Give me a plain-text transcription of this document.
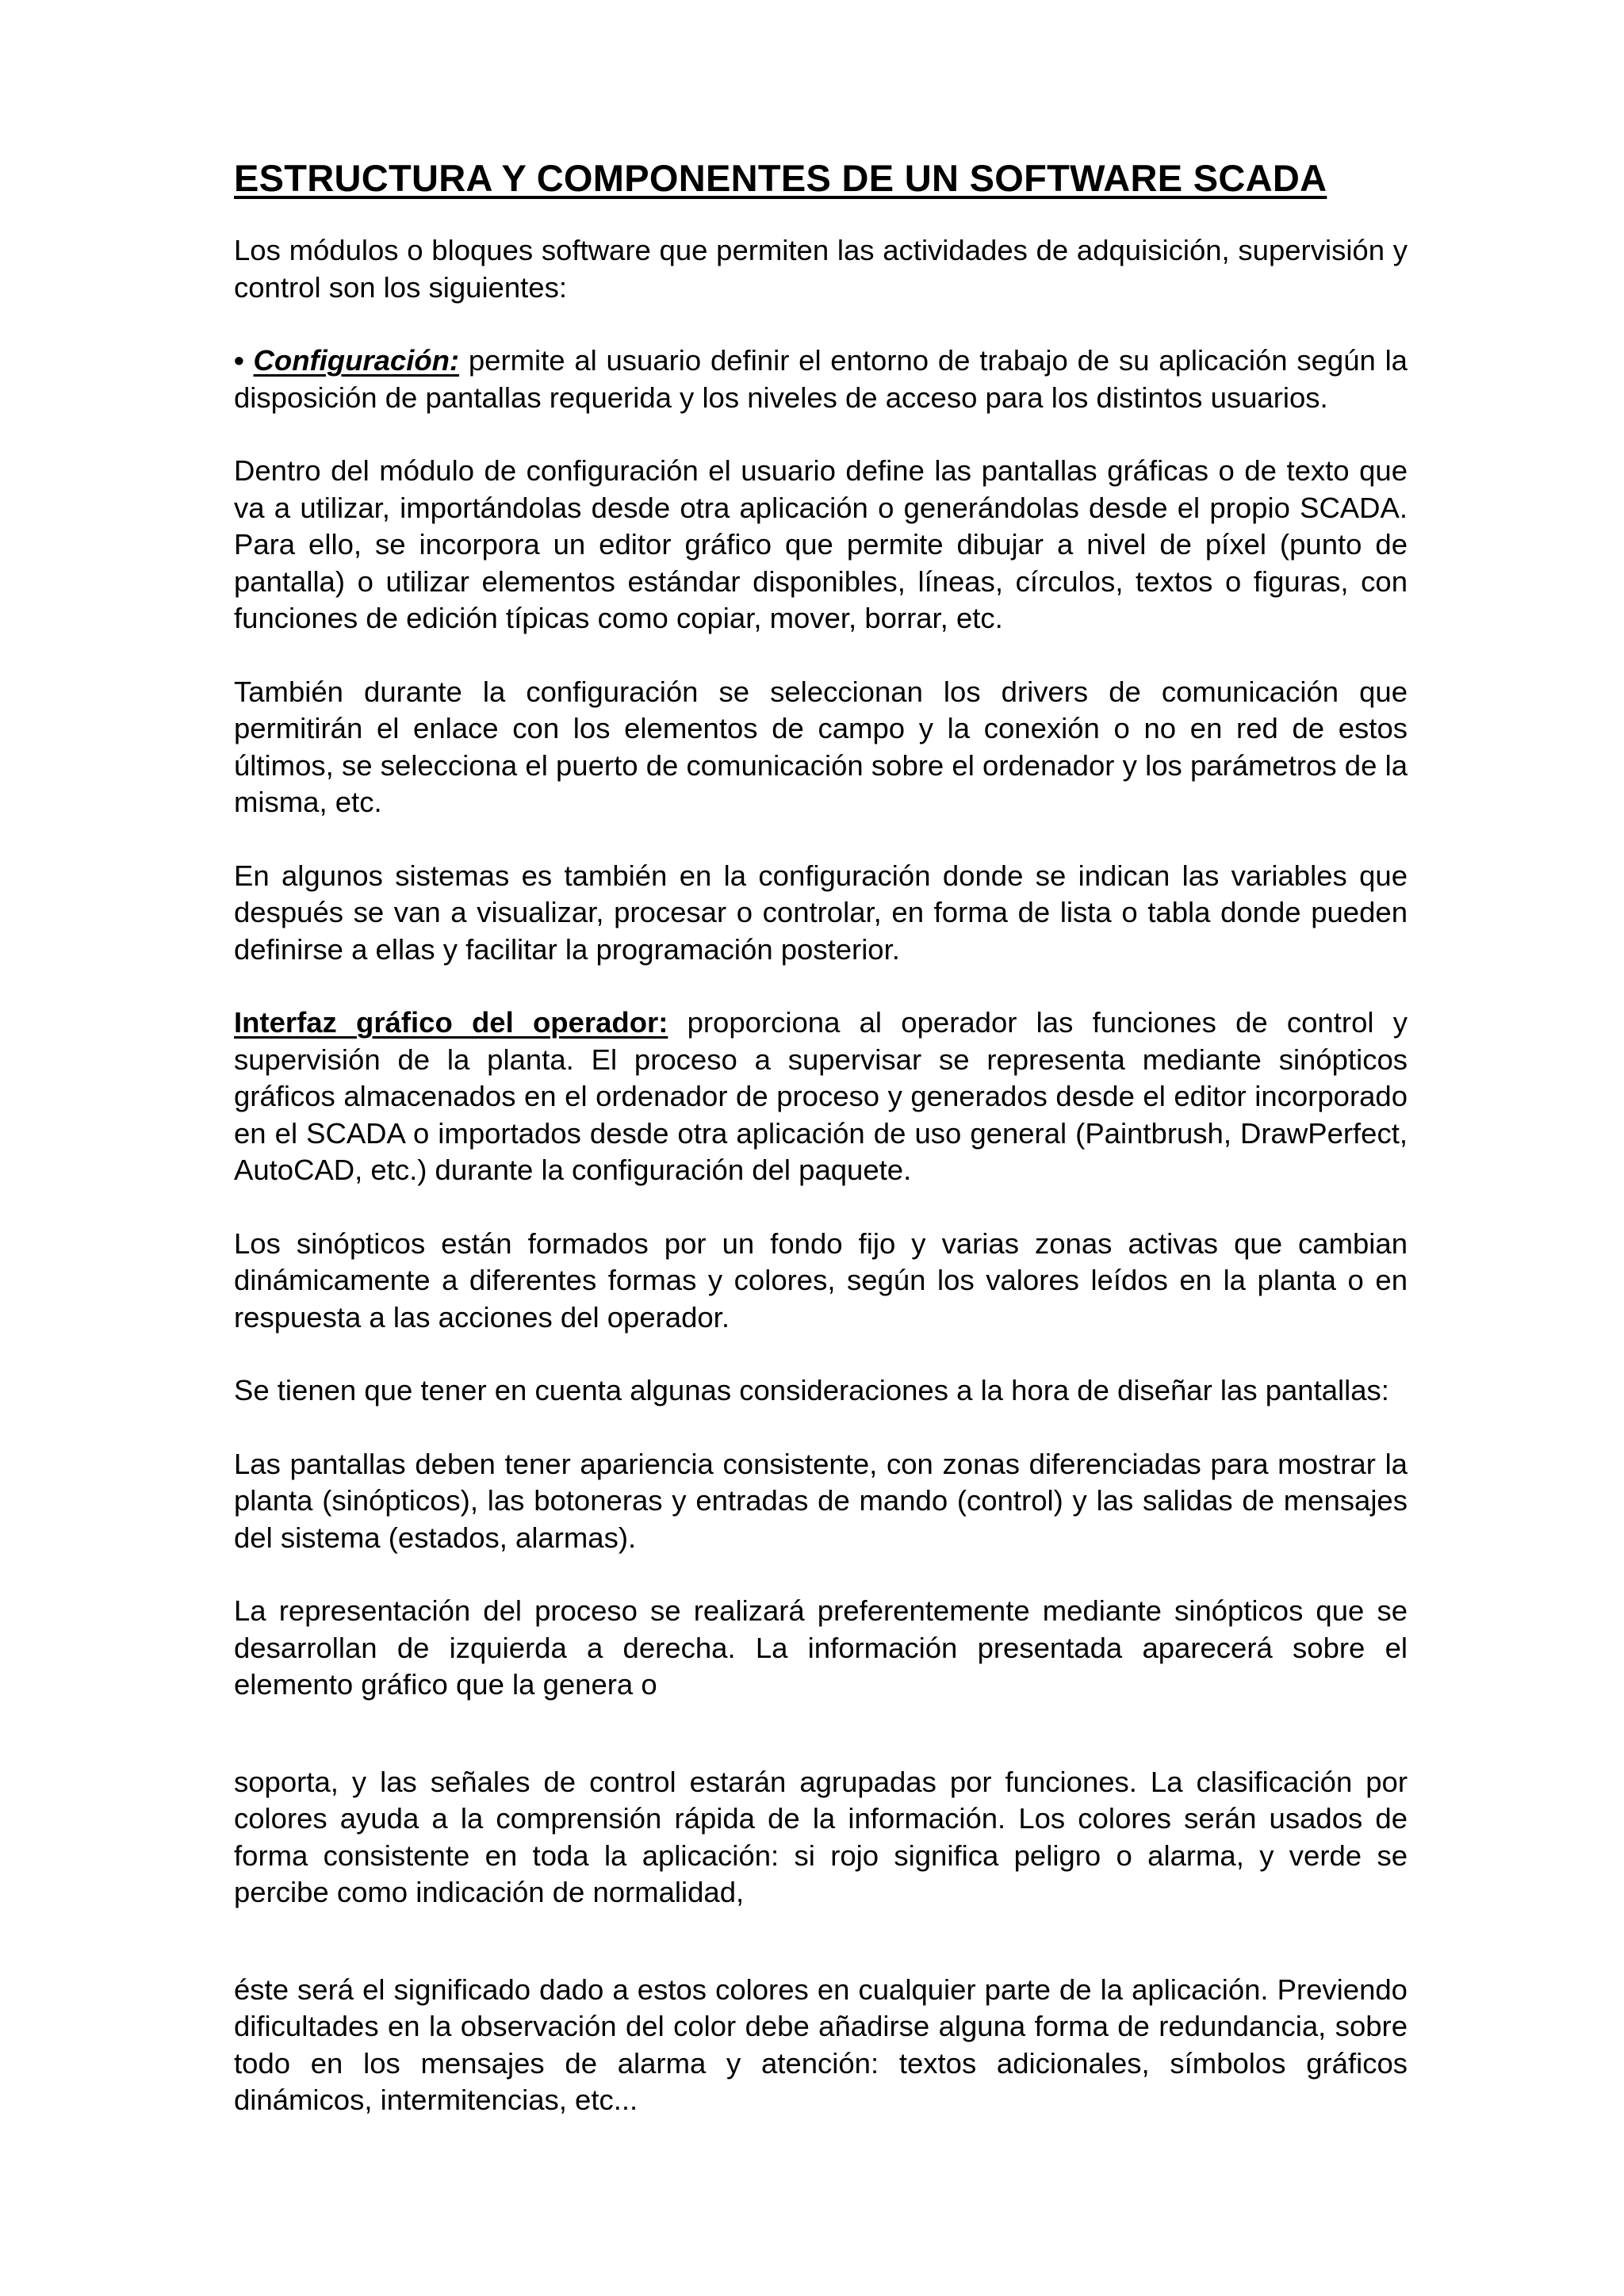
ESTRUCTURA Y COMPONENTES DE UN SOFTWARE SCADA

Los módulos o bloques software que permiten las actividades de adquisición, supervisión y control son los siguientes:

• Configuración: permite al usuario definir el entorno de trabajo de su aplicación según la disposición de pantallas requerida y los niveles de acceso para los distintos usuarios.

Dentro del módulo de configuración el usuario define las pantallas gráficas o de texto que va a utilizar, importándolas desde otra aplicación o generándolas desde el propio SCADA. Para ello, se incorpora un editor gráfico que permite dibujar a nivel de píxel (punto de pantalla) o utilizar elementos estándar disponibles, líneas, círculos, textos o figuras, con funciones de edición típicas como copiar, mover, borrar, etc.

También durante la configuración se seleccionan los drivers de comunicación que permitirán el enlace con los elementos de campo y la conexión o no en red de estos últimos, se selecciona el puerto de comunicación sobre el ordenador y los parámetros de la misma, etc.

En algunos sistemas es también en la configuración donde se indican las variables que después se van a visualizar, procesar o controlar, en forma de lista o tabla donde pueden definirse a ellas y facilitar la programación posterior.

Interfaz gráfico del operador: proporciona al operador las funciones de control y supervisión de la planta. El proceso a supervisar se representa mediante sinópticos gráficos almacenados en el ordenador de proceso y generados desde el editor incorporado en el SCADA o importados desde otra aplicación de uso general (Paintbrush, DrawPerfect, AutoCAD, etc.) durante la configuración del paquete.

Los sinópticos están formados por un fondo fijo y varias zonas activas que cambian dinámicamente a diferentes formas y colores, según los valores leídos en la planta o en respuesta a las acciones del operador.

Se tienen que tener en cuenta algunas consideraciones a la hora de diseñar las pantallas:

Las pantallas deben tener apariencia consistente, con zonas diferenciadas para mostrar la planta (sinópticos), las botoneras y entradas de mando (control) y las salidas de mensajes del sistema (estados, alarmas).

La representación del proceso se realizará preferentemente mediante sinópticos que se desarrollan de izquierda a derecha. La información presentada aparecerá sobre el elemento gráfico que la genera o

soporta, y las señales de control estarán agrupadas por funciones. La clasificación por colores ayuda a la comprensión rápida de la información. Los colores serán usados de forma consistente en toda la aplicación: si rojo significa peligro o alarma, y verde se percibe como indicación de normalidad,

éste será el significado dado a estos colores en cualquier parte de la aplicación. Previendo dificultades en la observación del color debe añadirse alguna forma de redundancia, sobre todo en los mensajes de alarma y atención: textos adicionales, símbolos gráficos dinámicos, intermitencias, etc...
